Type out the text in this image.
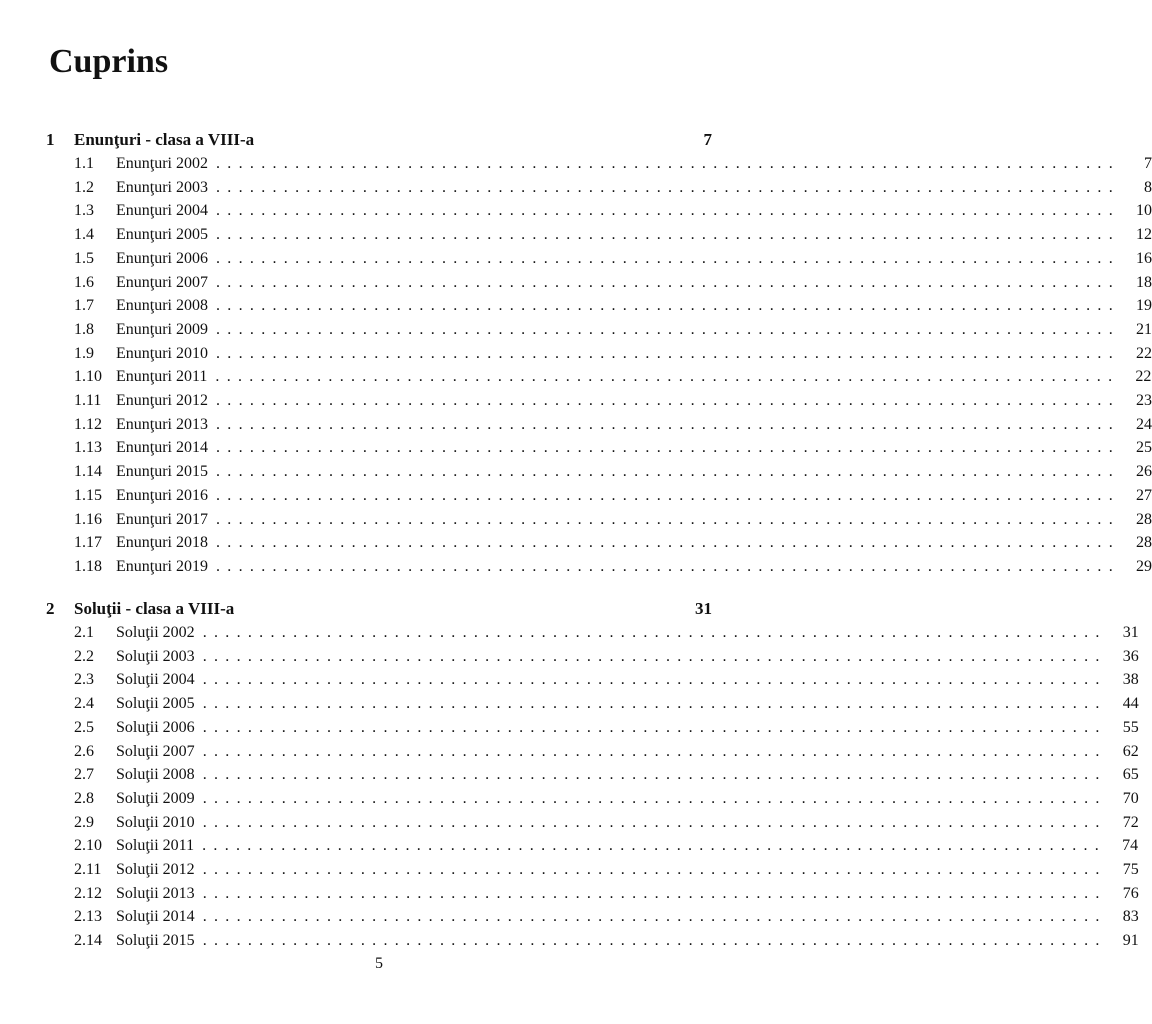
Cuprins
1	Enunţuri - clasa a VIII-a	7
1.1	Enunţuri 2002 ................................................................................	7
1.2	Enunţuri 2003 ................................................................................	8
1.3	Enunţuri 2004 ................................................................................	10
1.4	Enunţuri 2005 ................................................................................	12
1.5	Enunţuri 2006 ................................................................................	16
1.6	Enunţuri 2007 ................................................................................	18
1.7	Enunţuri 2008 ................................................................................	19
1.8	Enunţuri 2009 ................................................................................	21
1.9	Enunţuri 2010 ................................................................................	22
1.10 Enunţuri 2011 ................................................................................	22
1.11 Enunţuri 2012 ................................................................................	23
1.12 Enunţuri 2013 ................................................................................	24
1.13 Enunţuri 2014 ................................................................................	25
1.14 Enunţuri 2015 ................................................................................	26
1.15 Enunţuri 2016 ................................................................................	27
1.16 Enunţuri 2017 ................................................................................	28
1.17 Enunţuri 2018 ................................................................................	28
1.18 Enunţuri 2019 ................................................................................	29
2	Soluţii - clasa a VIII-a	31
2.1	Soluţii 2002 ................................................................................	31
2.2	Soluţii 2003 ................................................................................	36
2.3	Soluţii 2004 ................................................................................	38
2.4	Soluţii 2005 ................................................................................	44
2.5	Soluţii 2006 ................................................................................	55
2.6	Soluţii 2007 ................................................................................	62
2.7	Soluţii 2008 ................................................................................	65
2.8	Soluţii 2009 ................................................................................	70
2.9	Soluţii 2010 ................................................................................	72
2.10 Soluţii 2011 ................................................................................	74
2.11 Soluţii 2012 ................................................................................	75
2.12 Soluţii 2013 ................................................................................	76
2.13 Soluţii 2014 ................................................................................	83
2.14 Soluţii 2015 ................................................................................	91
5
